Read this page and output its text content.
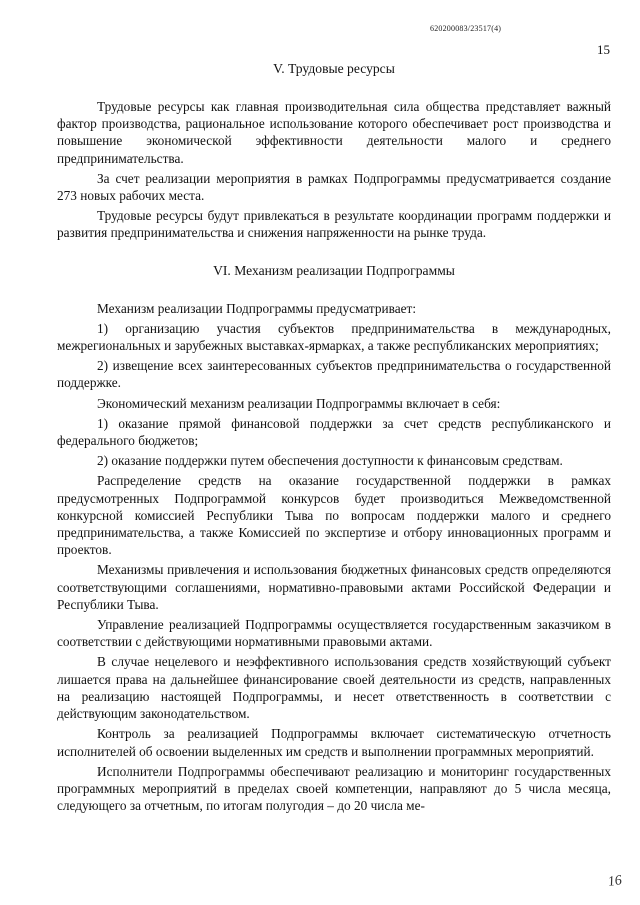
620200083/23517(4)
15
V. Трудовые ресурсы

Трудовые ресурсы как главная производительная сила общества представляет важный фактор производства, рациональное использование которого обеспечивает рост производства и повышение экономической эффективности деятельности малого и среднего предпринимательства.

За счет реализации мероприятия в рамках Подпрограммы предусматривается создание 273 новых рабочих места.

Трудовые ресурсы будут привлекаться в результате координации программ поддержки и развития предпринимательства и снижения напряженности на рынке труда.

VI. Механизм реализации Подпрограммы

Механизм реализации Подпрограммы предусматривает:

1) организацию участия субъектов предпринимательства в международных, межрегиональных и зарубежных выставках-ярмарках, а также республиканских мероприятиях;

2) извещение всех заинтересованных субъектов предпринимательства о государственной поддержке.

Экономический механизм реализации Подпрограммы включает в себя:

1) оказание прямой финансовой поддержки за счет средств республиканского и федерального бюджетов;

2) оказание поддержки путем обеспечения доступности к финансовым средствам.

Распределение средств на оказание государственной поддержки в рамках предусмотренных Подпрограммой конкурсов будет производиться Межведомственной конкурсной комиссией Республики Тыва по вопросам поддержки малого и среднего предпринимательства, а также Комиссией по экспертизе и отбору инновационных программ и проектов.

Механизмы привлечения и использования бюджетных финансовых средств определяются соответствующими соглашениями, нормативно-правовыми актами Российской Федерации и Республики Тыва.

Управление реализацией Подпрограммы осуществляется государственным заказчиком в соответствии с действующими нормативными правовыми актами.

В случае нецелевого и неэффективного использования средств хозяйствующий субъект лишается права на дальнейшее финансирование своей деятельности из средств, направленных на реализацию настоящей Подпрограммы, и несет ответственность в соответствии с действующим законодательством.

Контроль за реализацией Подпрограммы включает систематическую отчетность исполнителей об освоении выделенных им средств и выполнении программных мероприятий.

Исполнители Подпрограммы обеспечивают реализацию и мониторинг государственных программных мероприятий в пределах своей компетенции, направляют до 5 числа месяца, следующего за отчетным, по итогам полугодия – до 20 числа ме-

16
